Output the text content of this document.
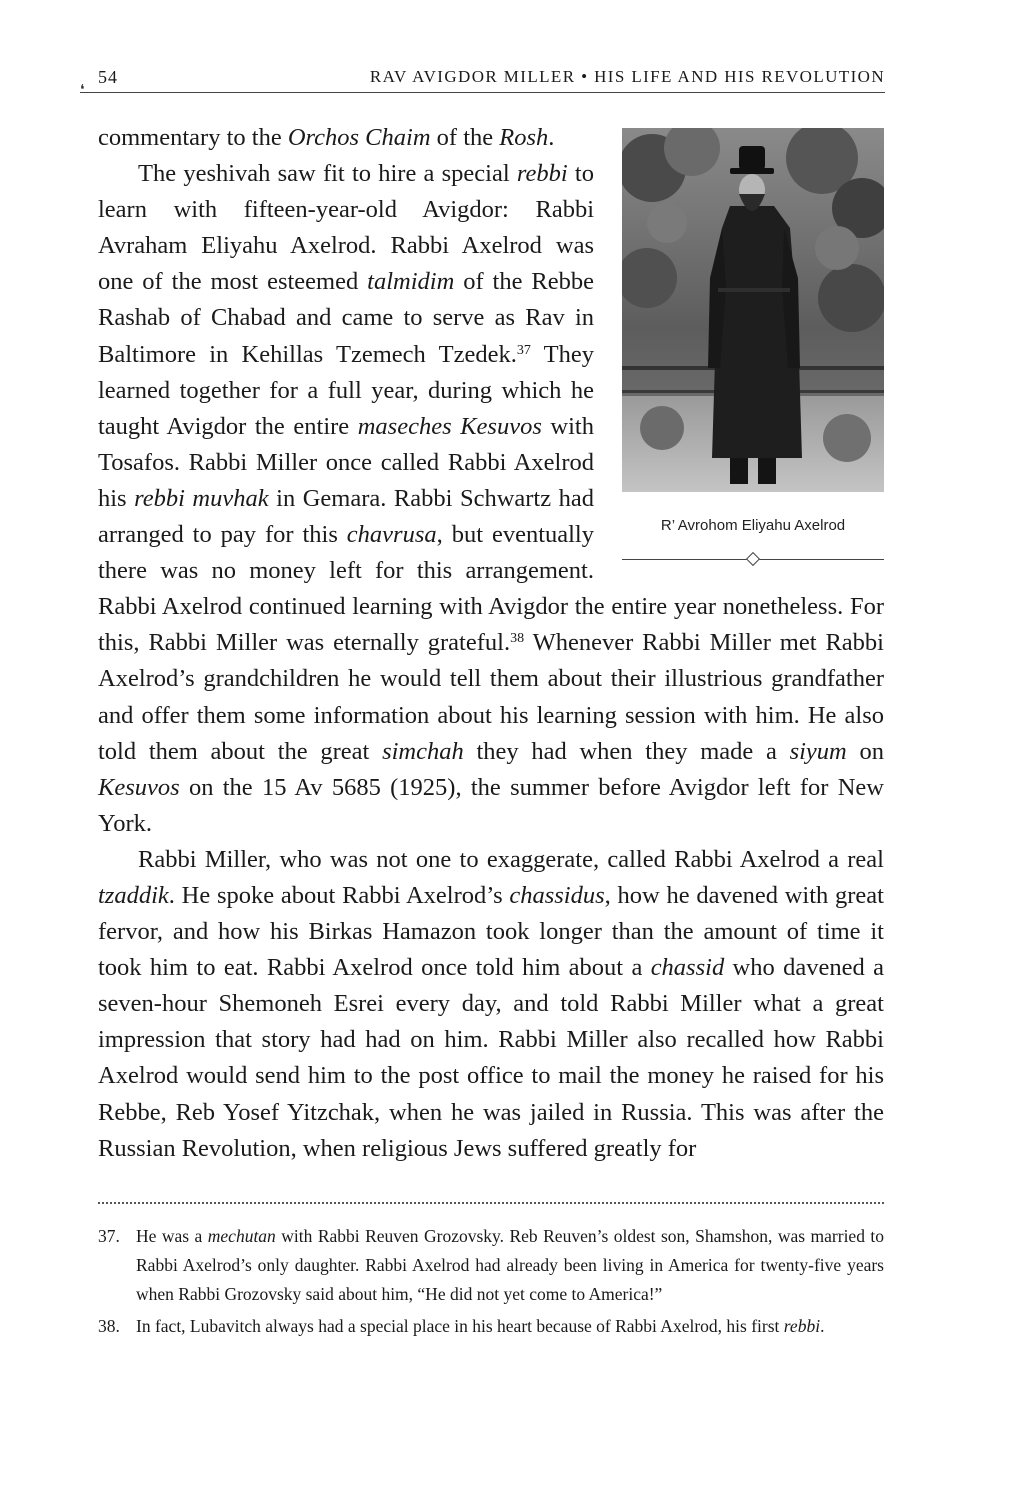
❛
54	RAV AVIGDOR MILLER • HIS LIFE AND HIS REVOLUTION
R’ Avrohom Eliyahu Axelrod

commentary to the Orchos Chaim of the Rosh.

The yeshivah saw fit to hire a special rebbi to learn with fifteen-year-old Avigdor: Rabbi Avraham Eliyahu Axelrod. Rabbi Axelrod was one of the most esteemed talmidim of the Rebbe Rashab of Chabad and came to serve as Rav in Baltimore in Kehillas Tzemech Tzedek.$^{37}$ They learned together for a full year, during which he taught Avigdor the entire maseches Kesuvos with Tosafos. Rabbi Miller once called Rabbi Axelrod his rebbi muvhak in Gemara. Rabbi Schwartz had arranged to pay for this chavrusa, but eventually there was no money left for this arrangement. Rabbi Axelrod continued learning with Avigdor the entire year nonetheless. For this, Rabbi Miller was eternally grateful.$^{38}$ Whenever Rabbi Miller met Rabbi Axelrod’s grandchildren he would tell them about their illustrious grandfather and offer them some information about his learning session with him. He also told them about the great simchah they had when they made a siyum on Kesuvos on the 15 Av 5685 (1925), the summer before Avigdor left for New York.

Rabbi Miller, who was not one to exaggerate, called Rabbi Axelrod a real tzaddik. He spoke about Rabbi Axelrod’s chassidus, how he davened with great fervor, and how his Birkas Hamazon took longer than the amount of time it took him to eat. Rabbi Axelrod once told him about a chassid who davened a seven-hour Shemoneh Esrei every day, and told Rabbi Miller what a great impression that story had had on him. Rabbi Miller also recalled how Rabbi Axelrod would send him to the post office to mail the money he raised for his Rebbe, Reb Yosef Yitzchak, when he was jailed in Russia. This was after the Russian Revolution, when religious Jews suffered greatly for

37. He was a mechutan with Rabbi Reuven Grozovsky. Reb Reuven’s oldest son, Shamshon, was married to Rabbi Axelrod’s only daughter. Rabbi Axelrod had already been living in America for twenty-five years when Rabbi Grozovsky said about him, “He did not yet come to America!”
38. In fact, Lubavitch always had a special place in his heart because of Rabbi Axelrod, his first rebbi.
